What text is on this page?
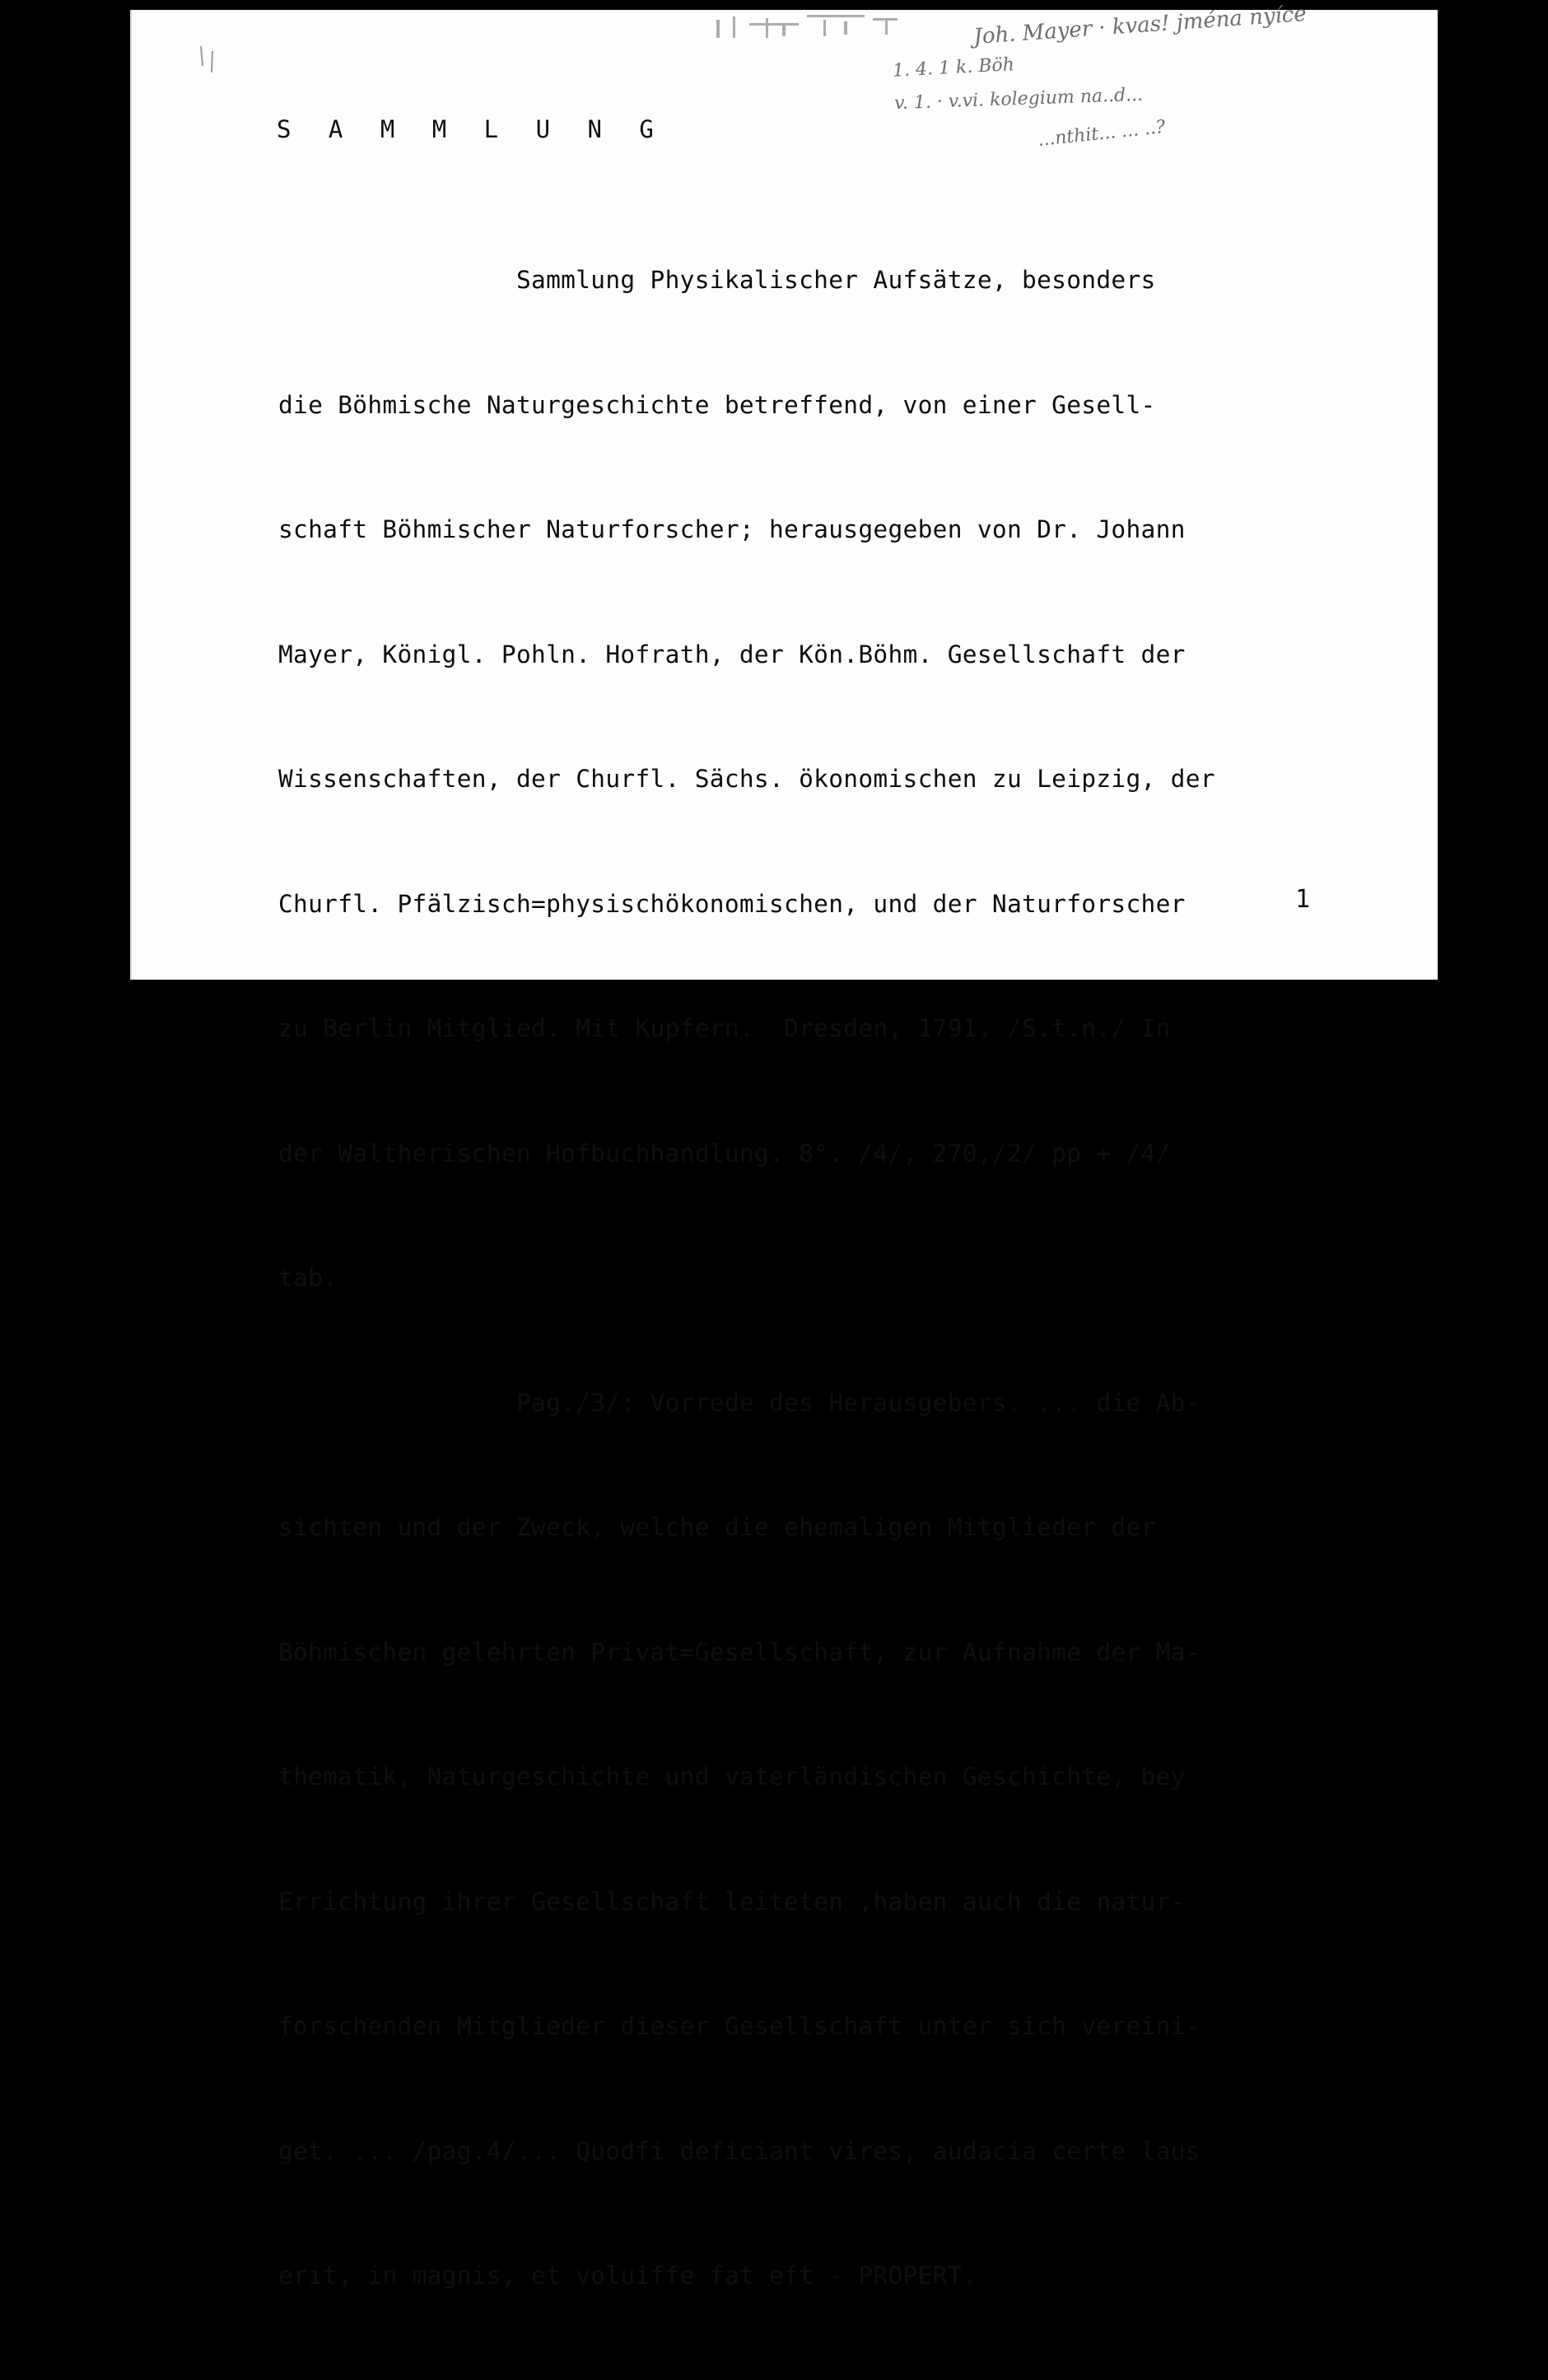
Joh. Mayer · kvas! jména nyíce
1. 4. 1 k. Böh
v. 1. · v.vi. kolegium na..d...
...nthit... ... ..?
S A M M L U N G

Sammlung Physikalischer Aufsätze, besonders

die Böhmische Naturgeschichte betreffend, von einer Gesell-

schaft Böhmischer Naturforscher; herausgegeben von Dr. Johann

Mayer, Königl. Pohln. Hofrath, der Kön.Böhm. Gesellschaft der

Wissenschaften, der Churfl. Sächs. ökonomischen zu Leipzig, der

Churfl. Pfälzisch=physischökonomischen, und der Naturforscher

zu Berlin Mitglied. Mit Kupfern.  Dresden, 1791. /S.t.n./ In

der Waltherischen Hofbuchhandlung. 8°. /4/, 270,/2/ pp + /4/

tab.

Pag./3/: Vorrede des Herausgebers. ... die Ab-

sichten und der Zweck, welche die ehemaligen Mitglieder der

Böhmischen gelehrten Privat=Gesellschaft, zur Aufnahme der Ma-

thematik, Naturgeschichte und vaterländischen Geschichte, bey

Errichtung ihrer Gesellschaft leiteten ,haben auch die natur-

forschenden Mitglieder dieser Gesellschaft unter sich vereini-

get. ... /pag.4/... Quodfi deficiant vires, audacia certe laus

erit, in magnis, et voluiffe fat eft - PROPERT.

1
